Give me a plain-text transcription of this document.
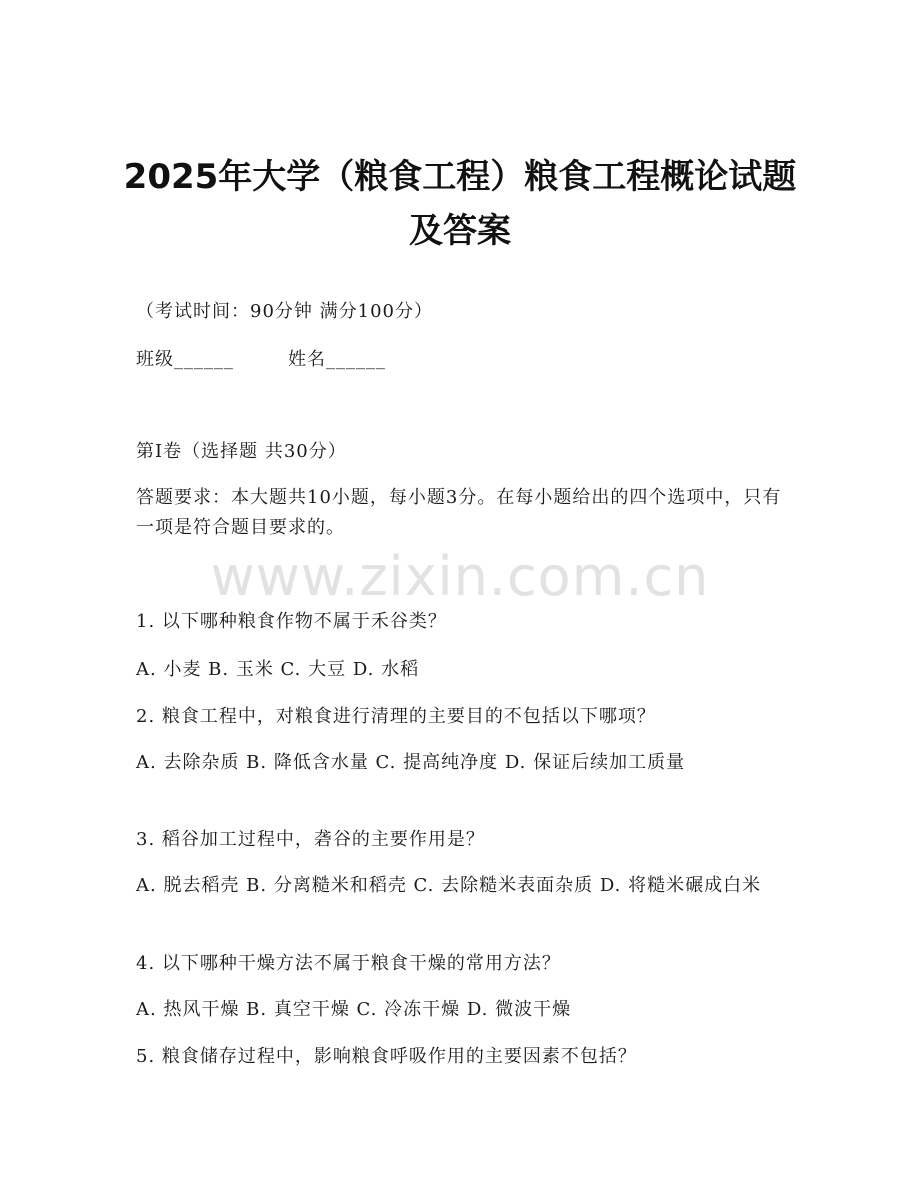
2025年大学（粮食工程）粮食工程概论试题及答案
（考试时间：90分钟 满分100分）
班级______	姓名______
第I卷（选择题 共30分）
答题要求：本大题共10小题，每小题3分。在每小题给出的四个选项中，只有一项是符合题目要求的。
www.zixin.com.cn
1. 以下哪种粮食作物不属于禾谷类？
A. 小麦 B. 玉米 C. 大豆 D. 水稻
2. 粮食工程中，对粮食进行清理的主要目的不包括以下哪项？
A. 去除杂质 B. 降低含水量 C. 提高纯净度 D. 保证后续加工质量
3. 稻谷加工过程中，砻谷的主要作用是？
A. 脱去稻壳 B. 分离糙米和稻壳 C. 去除糙米表面杂质 D. 将糙米碾成白米
4. 以下哪种干燥方法不属于粮食干燥的常用方法？
A. 热风干燥 B. 真空干燥 C. 冷冻干燥 D. 微波干燥
5. 粮食储存过程中，影响粮食呼吸作用的主要因素不包括？
